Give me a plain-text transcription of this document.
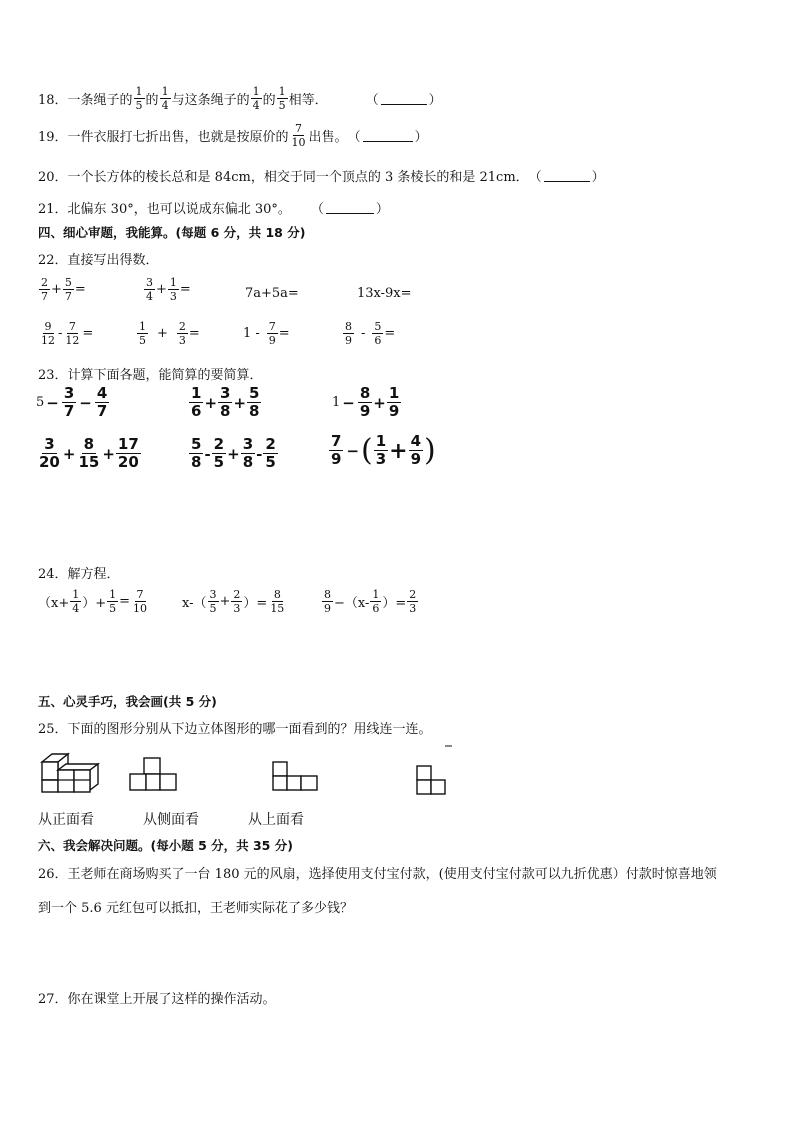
18．一条绳子的 $\frac{1}{5}$ 的 $\frac{1}{4}$ 与这条绳子的 $\frac{1}{4}$ 的 $\frac{1}{5}$ 相等．	（	）
19．一件衣服打七折出售，也就是按原价的 $\frac{7}{10}$ 出售。 （	）
20．一个长方体的棱长总和是 84cm，相交于同一个顶点的 3 条棱长的和是 21cm． （	）
21．北偏东 30°，也可以说成东偏北 30°。 （	）
四、细心审题，我能算。(每题 6 分，共 18 分)
22．直接写出得数．
$\frac{2}{7} + \frac{5}{7}$ =	$\frac{3}{4} + \frac{1}{3}$ =	7a+5a=	13x-9x=
$\frac{9}{12} - \frac{7}{12}$ =	$\frac{1}{5} + \frac{2}{3}$ =	$1 - \frac{7}{9}$ =	$\frac{8}{9} - \frac{5}{6}$ =
23．计算下面各题，能简算的要简算．
$5 - \frac{3}{7} - \frac{4}{7}$	$\frac{1}{6} + \frac{3}{8} + \frac{5}{8}$	$1 - \frac{8}{9} + \frac{1}{9}$
$\frac{3}{20} + \frac{8}{15} + \frac{17}{20}$	$\frac{5}{8} - \frac{2}{5} + \frac{3}{8} - \frac{2}{5}$	$\frac{7}{9}$ − ( $\frac{1}{3} + \frac{4}{9}$ )
24．解方程．
（$x+ \frac{1}{4}$ ）+ $\frac{1}{5} = \frac{7}{10}$	$x-( \frac{3}{5} + \frac{2}{3}$ ）= $\frac{8}{15}$	$\frac{8}{9} -(x- \frac{1}{6}$ ）= $\frac{2}{3}$
五、心灵手巧，我会画(共 5 分)
25．下面的图形分别从下边立体图形的哪一面看到的？用线连一连。
从正面看	从侧面看	从上面看
六、我会解决问题。(每小题 5 分，共 35 分)
26．王老师在商场购买了一台 180 元的风扇，选择使用支付宝付款，(使用支付宝付款可以九折优惠）付款时惊喜地领
到一个 5.6 元红包可以抵扣，王老师实际花了多少钱？
27．你在课堂上开展了这样的操作活动。
